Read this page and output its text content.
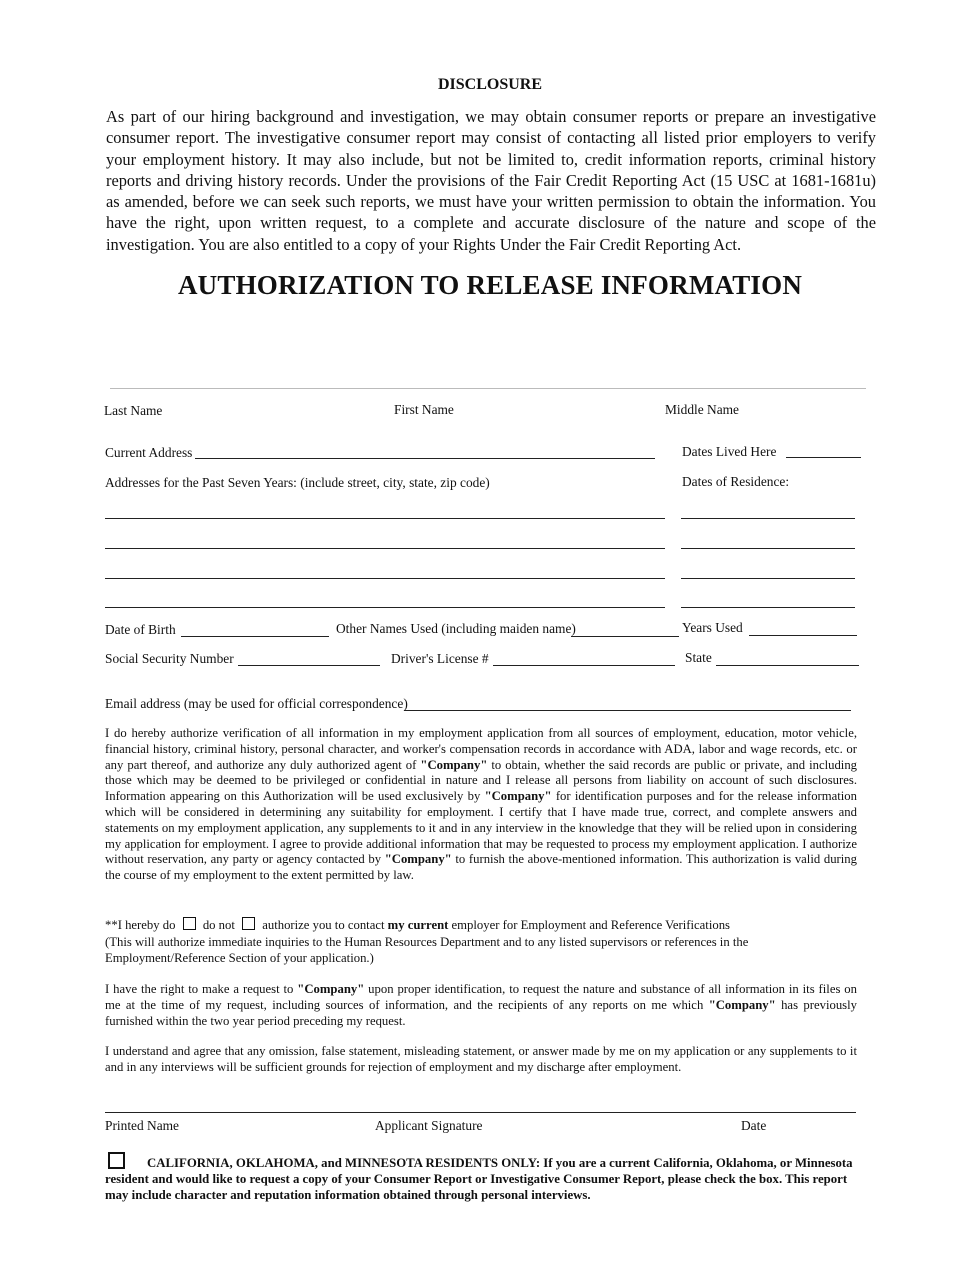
DISCLOSURE
As part of our hiring background and investigation, we may obtain consumer reports or prepare an investigative consumer report. The investigative consumer report may consist of contacting all listed prior employers to verify your employment history. It may also include, but not be limited to, credit information reports, criminal history reports and driving history records. Under the provisions of the Fair Credit Reporting Act (15 USC at 1681-1681u) as amended, before we can seek such reports, we must have your written permission to obtain the information. You have the right, upon written request, to a complete and accurate disclosure of the nature and scope of the investigation. You are also entitled to a copy of your Rights Under the Fair Credit Reporting Act.
AUTHORIZATION TO RELEASE INFORMATION
Last Name	First Name	Middle Name
Current Address	Dates Lived Here
Addresses for the Past Seven Years: (include street, city, state, zip code)	Dates of Residence:
Date of Birth	Other Names Used (including maiden name)	Years Used
Social Security Number	Driver's License #	State
Email address (may be used for official correspondence)
I do hereby authorize verification of all information in my employment application from all sources of employment, education, motor vehicle, financial history, criminal history, personal character, and worker's compensation records in accordance with ADA, labor and wage records, etc. or any part thereof, and authorize any duly authorized agent of "Company" to obtain, whether the said records are public or private, and including those which may be deemed to be privileged or confidential in nature and I release all persons from liability on account of such disclosures. Information appearing on this Authorization will be used exclusively by "Company" for identification purposes and for the release information which will be considered in determining any suitability for employment. I certify that I have made true, correct, and complete answers and statements on my employment application, any supplements to it and in any interview in the knowledge that they will be relied upon in considering my application for employment. I agree to provide additional information that may be requested to process my employment application. I authorize without reservation, any party or agency contacted by "Company" to furnish the above-mentioned information. This authorization is valid during the course of my employment to the extent permitted by law.
**I hereby do do not authorize you to contact my current employer for Employment and Reference Verifications
(This will authorize immediate inquiries to the Human Resources Department and to any listed supervisors or references in the Employment/Reference Section of your application.)
I have the right to make a request to "Company" upon proper identification, to request the nature and substance of all information in its files on me at the time of my request, including sources of information, and the recipients of any reports on me which "Company" has previously furnished within the two year period preceding my request.
I understand and agree that any omission, false statement, misleading statement, or answer made by me on my application or any supplements to it and in any interviews will be sufficient grounds for rejection of employment and my discharge after employment.
Printed Name	Applicant Signature	Date
CALIFORNIA, OKLAHOMA, and MINNESOTA RESIDENTS ONLY: If you are a current California, Oklahoma, or Minnesota resident and would like to request a copy of your Consumer Report or Investigative Consumer Report, please check the box. This report may include character and reputation information obtained through personal interviews.
